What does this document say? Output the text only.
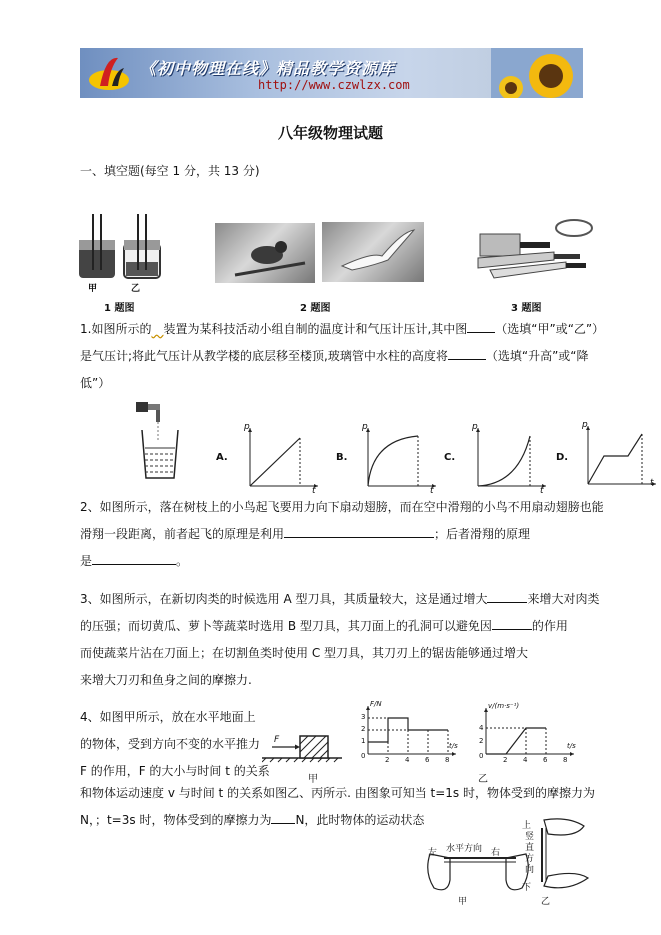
《初中物理在线》精品教学资源库
http://www.czwlzx.com
八年级物理试题
一、填空题(每空 1 分，共 13 分)
甲	乙
1 题图	2 题图	3 题图
1.如图所示的  装置为某科技活动小组自制的温度计和气压计压计,其中图 （选填“甲”或“乙”）
是气压计;将此气压计从教学楼的底层移至楼顶,玻璃管中水柱的高度将	（选填“升高”或“降
低”）
A.
p
t
B.
p
t
C.
p
t
D.
p
t
2、如图所示，落在树枝上的小鸟起飞要用力向下扇动翅膀，而在空中滑翔的小鸟不用扇动翅膀也能
滑翔一段距离，前者起飞的原理是利用	；后者滑翔的原理
是	。
3、如图所示，在新切肉类的时候选用 A 型刀具，其质量较大，这是通过增大	来增大对肉类
的压强；而切黄瓜、萝卜等蔬菜时选用 B 型刀具，其刀面上的孔洞可以避免因	的作用
而使蔬菜片沾在刀面上；在切割鱼类时使用 C 型刀具，其刀刃上的锯齿能够通过增大
来增大刀刃和鱼身之间的摩擦力.
4、如图甲所示，放在水平地面上
的物体，受到方向不变的水平推力
F 的作用，F 的大小与时间 t 的关系
和物体运动速度 v 与时间 t 的关系如图乙、丙所示. 由图象可知当 t=1s 时，物体受到的摩擦力为
N，；t=3s 时，物体受到的摩擦力为 N，此时物体的运动状态
F
甲
F/N
t/s
3
2
1
0	2 4 6 8
v/(m·s⁻¹)
t/s
4
2
0	2 4 6 8
乙
左 水平方向 右
甲
上
竖直方向
下
乙
